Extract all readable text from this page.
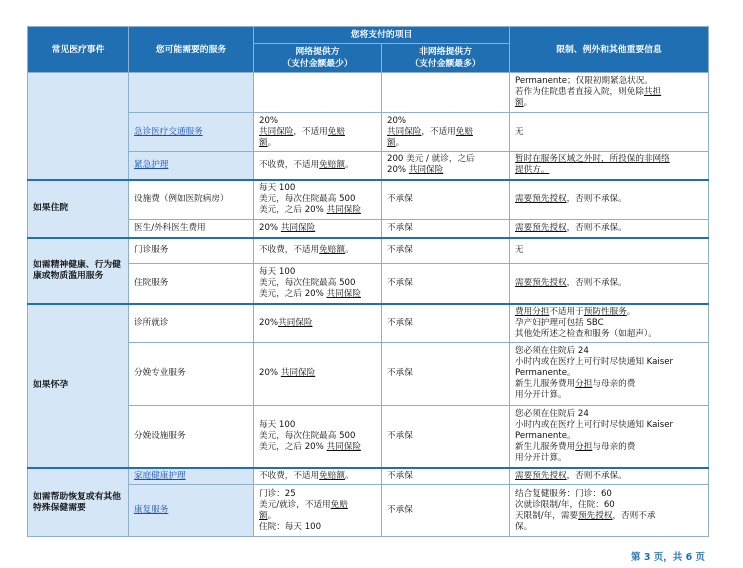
常见医疗事件	您可能需要的服务	您将支付的项目		限制、例外和其他重要信息

		网络提供方
（支付金额最少）	非网络提供方
（支付金额最多）	

				Permanente；仅限初期紧急状况。
若作为住院患者直接入院，则免除共担
额。

	急诊医疗交通服务	20%
共同保险，不适用免赔
额。	20%
共同保险，不适用免赔
额。	无
	紧急护理	不收费，不适用免赔额。	200 美元 / 就诊，之后
20% 共同保险	暂时在服务区域之外时，所投保的非网络
提供方。

如果住院	设施费（例如医院病房）	每天 100
美元，每次住院最高 500
美元，之后 20% 共同保险	不承保	需要预先授权，否则不承保。
	医生/外科医生费用	20% 共同保险	不承保	需要预先授权，否则不承保。
如需精神健康、行为健康或物质滥用服务	门诊服务	不收费，不适用免赔额。	不承保	无
	住院服务	每天 100
美元，每次住院最高 500
美元，之后 20% 共同保险	不承保	需要预先授权，否则不承保。
如果怀孕	诊所就诊	20%共同保险	不承保	费用分担不适用于预防性服务。
孕产妇护理可包括 SBC
其他处所述之检查和服务（如超声）。

	分娩专业服务	20% 共同保险	不承保	您必须在住院后 24
小时内或在医疗上可行时尽快通知 Kaiser
Permanente。
新生儿服务费用分担与母亲的费
用分开计算。

	分娩设施服务	每天 100
美元，每次住院最高 500
美元，之后 20% 共同保险	不承保	您必须在住院后 24
小时内或在医疗上可行时尽快通知 Kaiser
Permanente。
新生儿服务费用分担与母亲的费
用分开计算。

如需帮助恢复或有其他特殊保健需要	家庭健康护理	不收费，不适用免赔额。	不承保	需要预先授权，否则不承保。
	康复服务	门诊：25
美元/就诊，不适用免赔
额。
住院：每天 100	不承保	结合复健服务：门诊：60
次就诊限制/年，住院：60
天限制/年，需要预先授权，否则不承
保。
第 3 页，共 6 页
